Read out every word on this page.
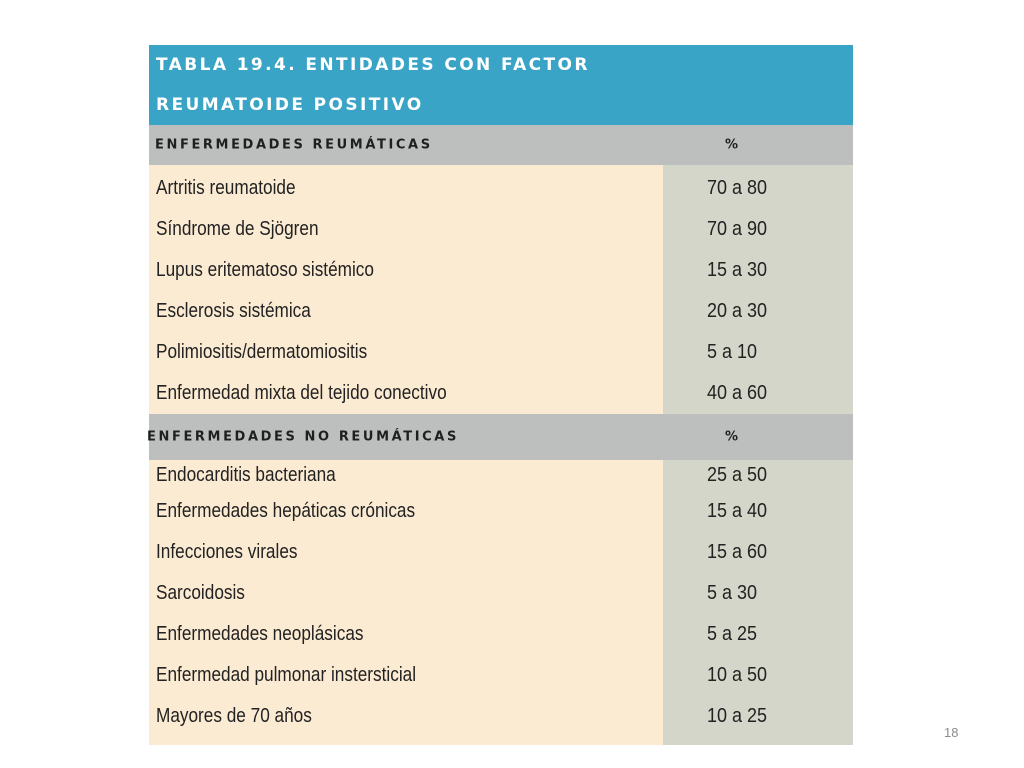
TABLA 19.4. ENTIDADES CON FACTOR
REUMATOIDE POSITIVO
ENFERMEDADES REUMÁTICAS	%
Artritis reumatoide	70 a 80
Síndrome de Sjögren	70 a 90
Lupus eritematoso sistémico	15 a 30
Esclerosis sistémica	20 a 30
Polimiositis/dermatomiositis	5 a 10
Enfermedad mixta del tejido conectivo	40 a 60
ENFERMEDADES NO REUMÁTICAS	%
Endocarditis bacteriana	25 a 50
Enfermedades hepáticas crónicas	15 a 40
Infecciones virales	15 a 60
Sarcoidosis	5 a 30
Enfermedades neoplásicas	5 a 25
Enfermedad pulmonar instersticial	10 a 50
Mayores de 70 años	10 a 25
18
